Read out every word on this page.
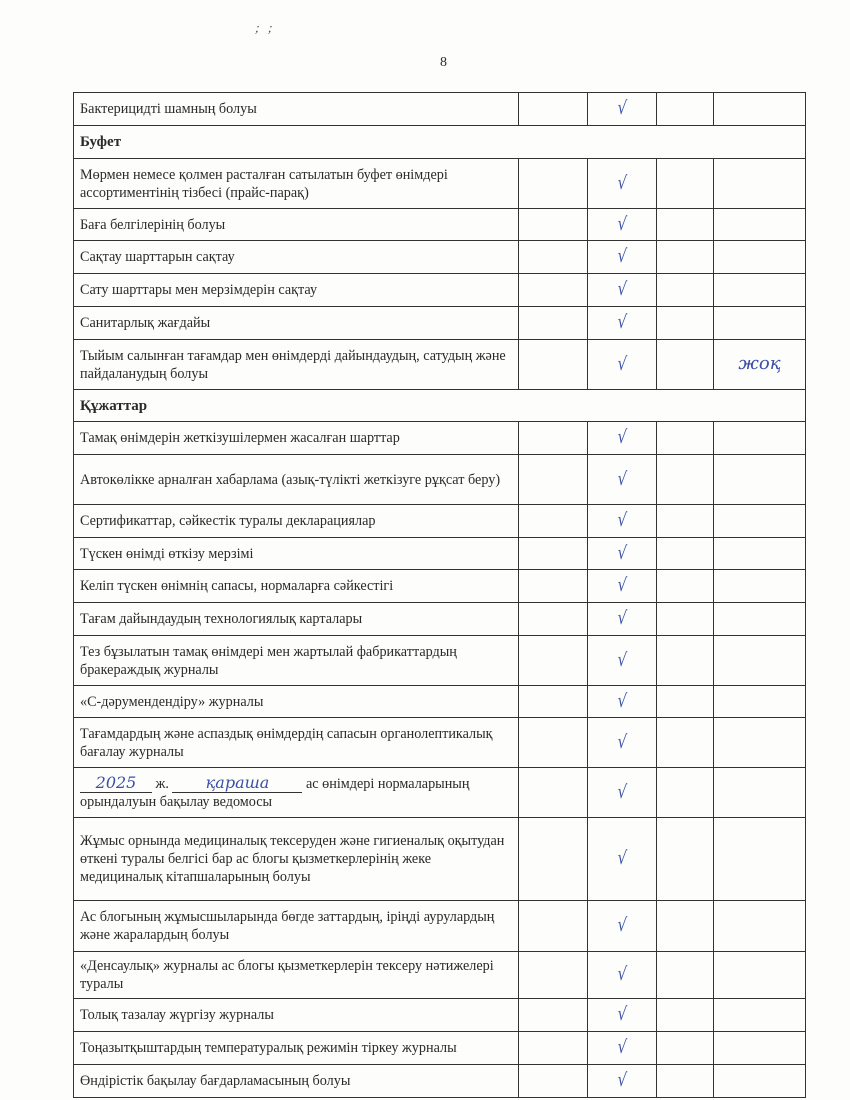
; ;
8
Бактерицидті шамның болуы		√		
Буфет				
Мөрмен немесе қолмен расталған сатылатын буфет өнімдері ассортиментінің тізбесі (прайс-парақ)		√		
Баға белгілерінің болуы		√		
Сақтау шарттарын сақтау		√		
Сату шарттары мен мерзімдерін сақтау		√		
Санитарлық жағдайы		√		
Тыйым салынған тағамдар мен өнімдерді дайындаудың, сатудың және пайдаланудың болуы		√		жоқ
Құжаттар				
Тамақ өнімдерін жеткізушілермен жасалған шарттар		√		
Автокөлікке арналған хабарлама (азық-түлікті жеткізуге рұқсат беру)		√		
Сертификаттар, сәйкестік туралы декларациялар		√		
Түскен өнімді өткізу мерзімі		√		
Келіп түскен өнімнің сапасы, нормаларға сәйкестігі		√		
Тағам дайындаудың технологиялық карталары		√		
Тез бұзылатын тамақ өнімдері мен жартылай фабрикаттардың бракераждық журналы		√		
«С-дәрумендендіру» журналы		√		
Тағамдардың және аспаздық өнімдердің сапасын органолептикалық бағалау журналы		√		
2025 ж. қараша ас өнімдері нормаларының орындалуын бақылау ведомосы		√		
Жұмыс орнында медициналық тексеруден және гигиеналық оқытудан өткені туралы белгісі бар ас блогы қызметкерлерінің жеке медициналық кітапшаларының болуы		√		
Ас блогының жұмысшыларында бөгде заттардың, іріңді аурулардың және жаралардың болуы		√		
«Денсаулық» журналы ас блогы қызметкерлерін тексеру нәтижелері туралы		√		
Толық тазалау жүргізу журналы		√		
Тоңазытқыштардың температуралық режимін тіркеу журналы		√		
Өндірістік бақылау бағдарламасының болуы		√		
